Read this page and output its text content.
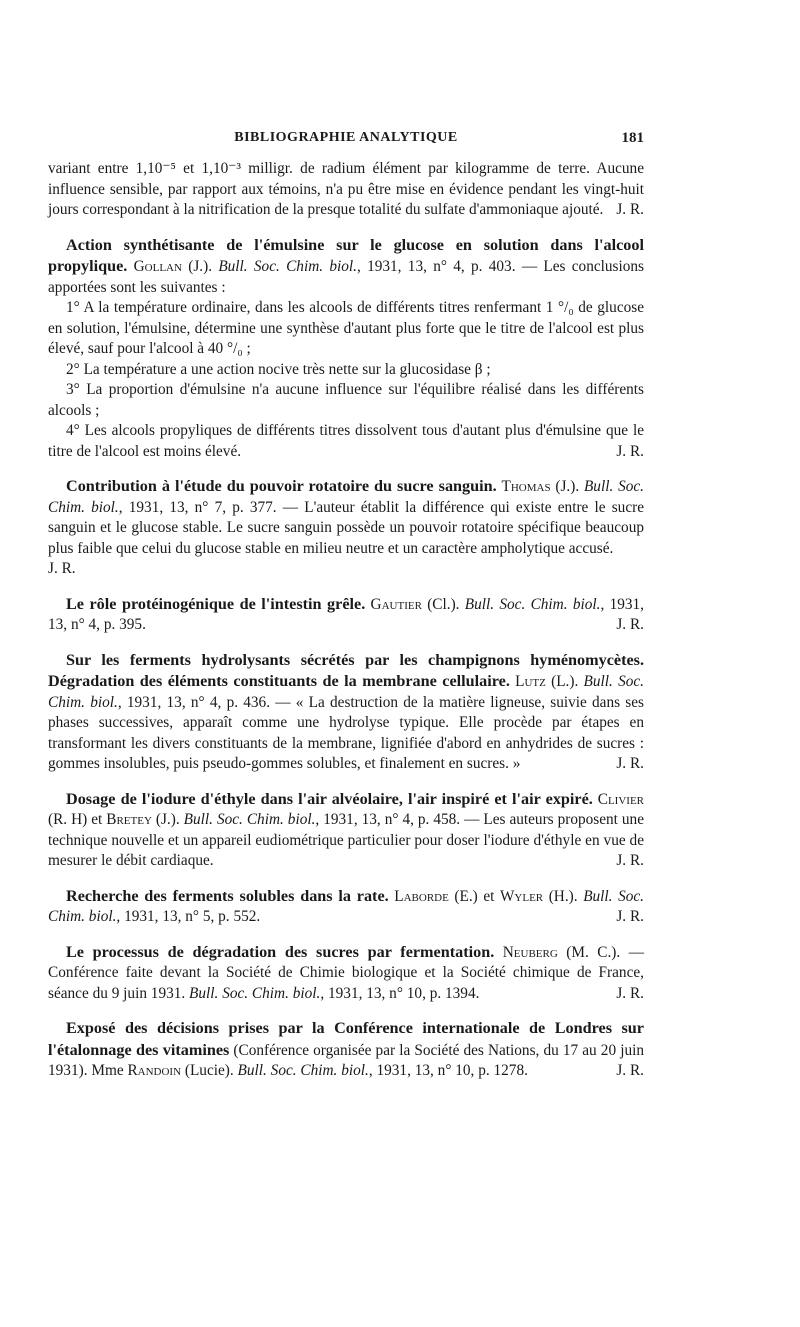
BIBLIOGRAPHIE ANALYTIQUE	181

variant entre 1,10⁻⁵ et 1,10⁻³ milligr. de radium élément par kilogramme de terre. Aucune influence sensible, par rapport aux témoins, n'a pu être mise en évidence pendant les vingt-huit jours correspondant à la nitrification de la presque totalité du sulfate d'ammoniaque ajouté. J. R.

Action synthétisante de l'émulsine sur le glucose en solution dans l'alcool propylique. Gollan (J.). Bull. Soc. Chim. biol., 1931, 13, n° 4, p. 403. — Les conclusions apportées sont les suivantes :

1° A la température ordinaire, dans les alcools de différents titres renfermant 1 °/₀ de glucose en solution, l'émulsine, détermine une synthèse d'autant plus forte que le titre de l'alcool est plus élevé, sauf pour l'alcool à 40 °/₀ ;

2° La température a une action nocive très nette sur la glucosidase β ;

3° La proportion d'émulsine n'a aucune influence sur l'équilibre réalisé dans les différents alcools ;

4° Les alcools propyliques de différents titres dissolvent tous d'autant plus d'émulsine que le titre de l'alcool est moins élevé.	J. R.

Contribution à l'étude du pouvoir rotatoire du sucre sanguin. Thomas (J.). Bull. Soc. Chim. biol., 1931, 13, n° 7, p. 377. — L'auteur établit la différence qui existe entre le sucre sanguin et le glucose stable. Le sucre sanguin possède un pouvoir rotatoire spécifique beaucoup plus faible que celui du glucose stable en milieu neutre et un caractère ampholytique accusé.

J. R.

Le rôle protéinogénique de l'intestin grêle. Gautier (Cl.). Bull. Soc. Chim. biol., 1931, 13, n° 4, p. 395.	J. R.

Sur les ferments hydrolysants sécrétés par les champignons hyménomycètes. Dégradation des éléments constituants de la membrane cellulaire. Lutz (L.). Bull. Soc. Chim. biol., 1931, 13, n° 4, p. 436. — « La destruction de la matière ligneuse, suivie dans ses phases successives, apparaît comme une hydrolyse typique. Elle procède par étapes en transformant les divers constituants de la membrane, lignifiée d'abord en anhydrides de sucres : gommes insolubles, puis pseudo-gommes solubles, et finalement en sucres. »	J. R.

Dosage de l'iodure d'éthyle dans l'air alvéolaire, l'air inspiré et l'air expiré. Clivier (R. H) et Bretey (J.). Bull. Soc. Chim. biol., 1931, 13, n° 4, p. 458. — Les auteurs proposent une technique nouvelle et un appareil eudiométrique particulier pour doser l'iodure d'éthyle en vue de mesurer le débit cardiaque.	J. R.

Recherche des ferments solubles dans la rate. Laborde (E.) et Wyler (H.). Bull. Soc. Chim. biol., 1931, 13, n° 5, p. 552.	J. R.

Le processus de dégradation des sucres par fermentation. Neuberg (M. C.). — Conférence faite devant la Société de Chimie biologique et la Société chimique de France, séance du 9 juin 1931. Bull. Soc. Chim. biol., 1931, 13, n° 10, p. 1394.	J. R.

Exposé des décisions prises par la Conférence internationale de Londres sur l'étalonnage des vitamines (Conférence organisée par la Société des Nations, du 17 au 20 juin 1931). Mme Randoin (Lucie). Bull. Soc. Chim. biol., 1931, 13, n° 10, p. 1278.	J. R.
